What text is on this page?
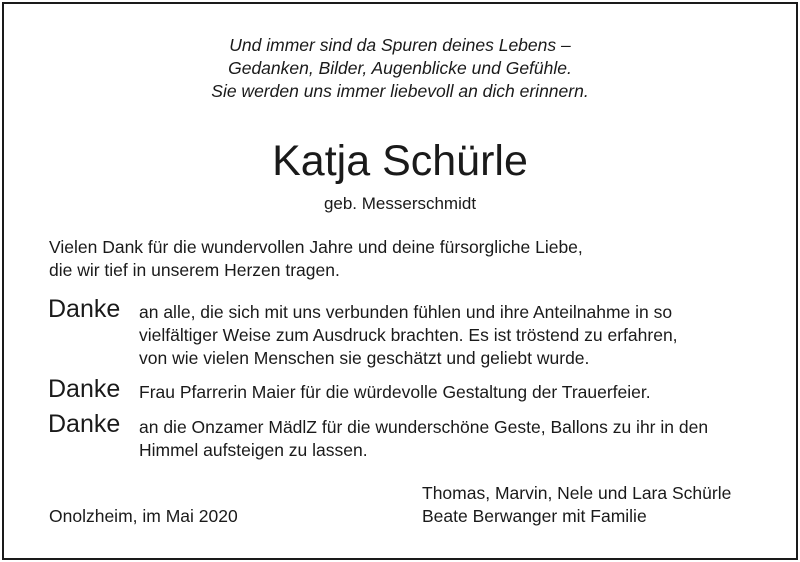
Und immer sind da Spuren deines Lebens –
Gedanken, Bilder, Augenblicke und Gefühle.
Sie werden uns immer liebevoll an dich erinnern.
Katja Schürle
geb. Messerschmidt
Vielen Dank für die wundervollen Jahre und deine fürsorgliche Liebe,
die wir tief in unserem Herzen tragen.
Danke an alle, die sich mit uns verbunden fühlen und ihre Anteilnahme in so
vielfältiger Weise zum Ausdruck brachten. Es ist tröstend zu erfahren,
von wie vielen Menschen sie geschätzt und geliebt wurde.
Danke Frau Pfarrerin Maier für die würdevolle Gestaltung der Trauerfeier.
Danke an die Onzamer MädlZ für die wunderschöne Geste, Ballons zu ihr in den
Himmel aufsteigen zu lassen.
Onolzheim, im Mai 2020
Thomas, Marvin, Nele und Lara Schürle
Beate Berwanger mit Familie
